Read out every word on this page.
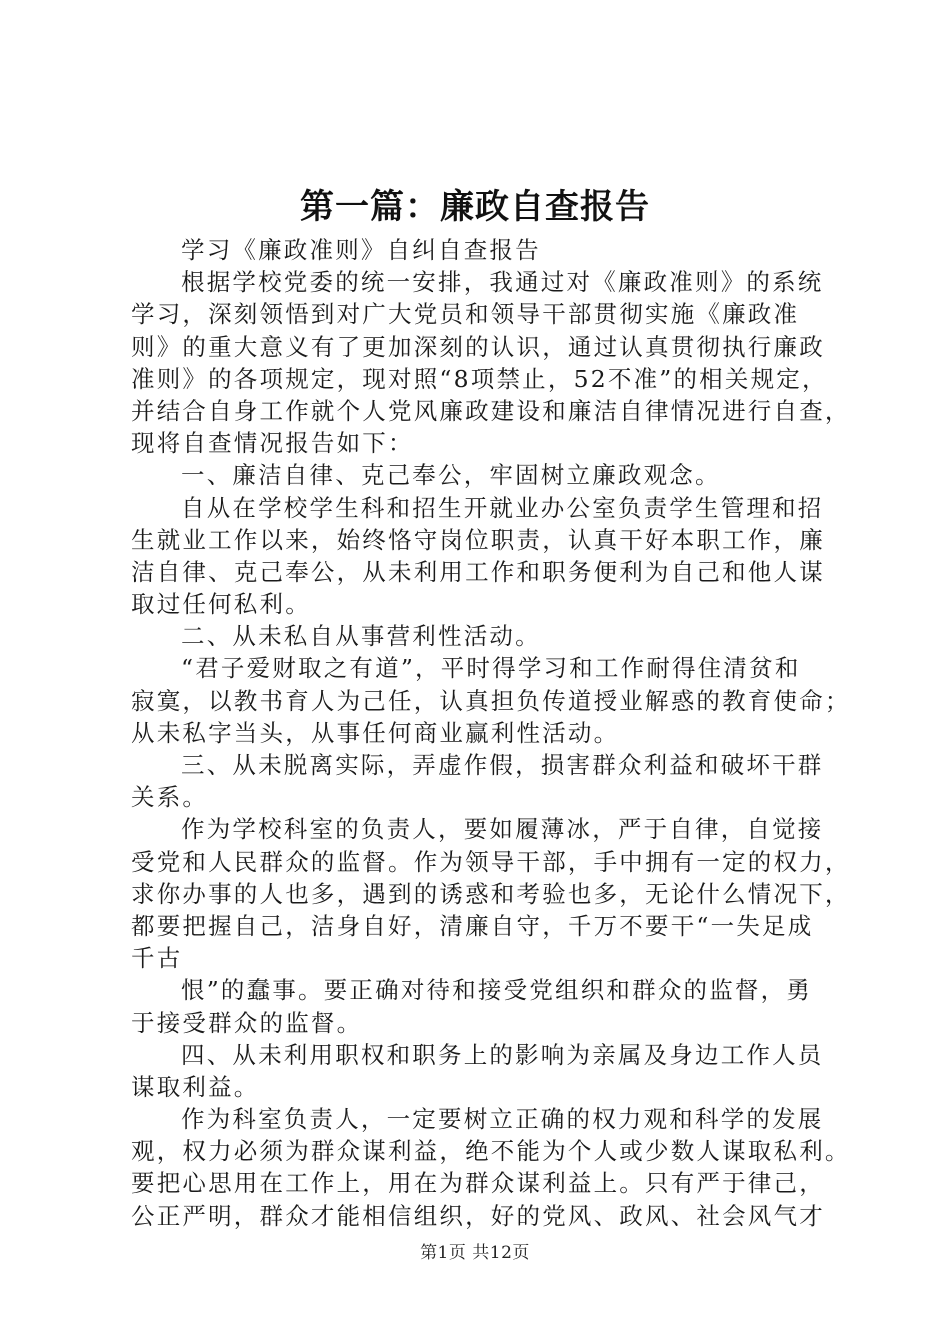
第一篇：廉政自查报告
学习《廉政准则》自纠自查报告
根据学校党委的统一安排，我通过对《廉政准则》的系统
学习，深刻领悟到对广大党员和领导干部贯彻实施《廉政准
则》的重大意义有了更加深刻的认识，通过认真贯彻执行廉政
准则》的各项规定，现对照“8项禁止，52不准”的相关规定，
并结合自身工作就个人党风廉政建设和廉洁自律情况进行自查，
现将自查情况报告如下：
一、廉洁自律、克己奉公，牢固树立廉政观念。
自从在学校学生科和招生开就业办公室负责学生管理和招
生就业工作以来，始终恪守岗位职责，认真干好本职工作，廉
洁自律、克己奉公，从未利用工作和职务便利为自己和他人谋
取过任何私利。
二、从未私自从事营利性活动。
“君子爱财取之有道”，平时得学习和工作耐得住清贫和
寂寞，以教书育人为己任，认真担负传道授业解惑的教育使命；
从未私字当头，从事任何商业赢利性活动。
三、从未脱离实际，弄虚作假，损害群众利益和破坏干群
关系。
作为学校科室的负责人，要如履薄冰，严于自律，自觉接
受党和人民群众的监督。作为领导干部，手中拥有一定的权力，
求你办事的人也多，遇到的诱惑和考验也多，无论什么情况下，
都要把握自己，洁身自好，清廉自守，千万不要干“一失足成
千古
恨”的蠢事。要正确对待和接受党组织和群众的监督，勇
于接受群众的监督。
四、从未利用职权和职务上的影响为亲属及身边工作人员
谋取利益。
作为科室负责人，一定要树立正确的权力观和科学的发展
观，权力必须为群众谋利益，绝不能为个人或少数人谋取私利。
要把心思用在工作上，用在为群众谋利益上。只有严于律己，
公正严明，群众才能相信组织，好的党风、政风、社会风气才
第1页 共12页
